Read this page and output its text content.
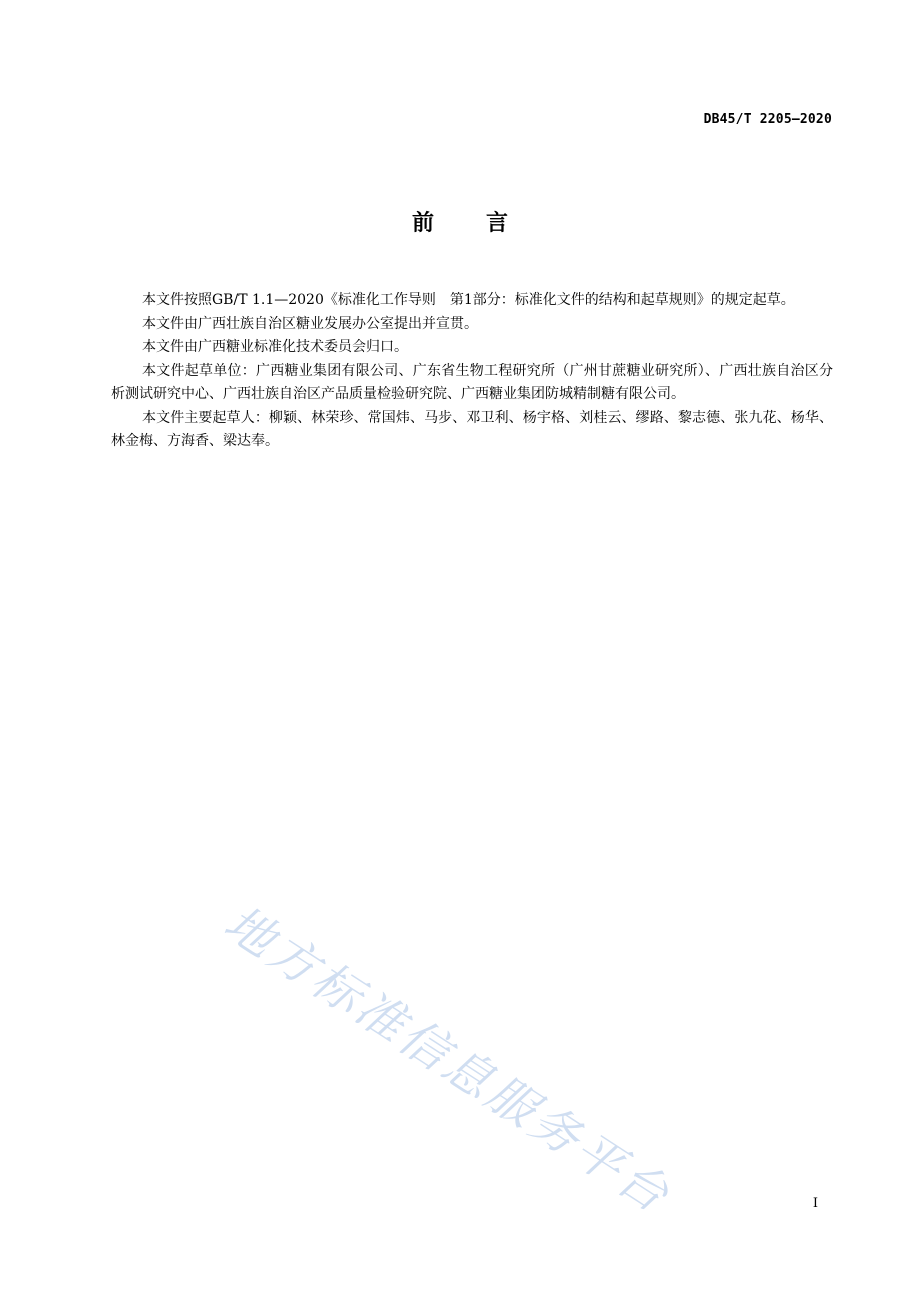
DB45/T 2205—2020
前言

本文件按照GB/T 1.1—2020《标准化工作导则　第1部分：标准化文件的结构和起草规则》的规定起草。

本文件由广西壮族自治区糖业发展办公室提出并宣贯。

本文件由广西糖业标准化技术委员会归口。

本文件起草单位：广西糖业集团有限公司、广东省生物工程研究所（广州甘蔗糖业研究所）、广西壮族自治区分析测试研究中心、广西壮族自治区产品质量检验研究院、广西糖业集团防城精制糖有限公司。

本文件主要起草人：柳颖、林荣珍、常国炜、马步、邓卫利、杨宇格、刘桂云、缪路、黎志德、张九花、杨华、林金梅、方海香、梁达奉。

地方标准信息服务平台	I
